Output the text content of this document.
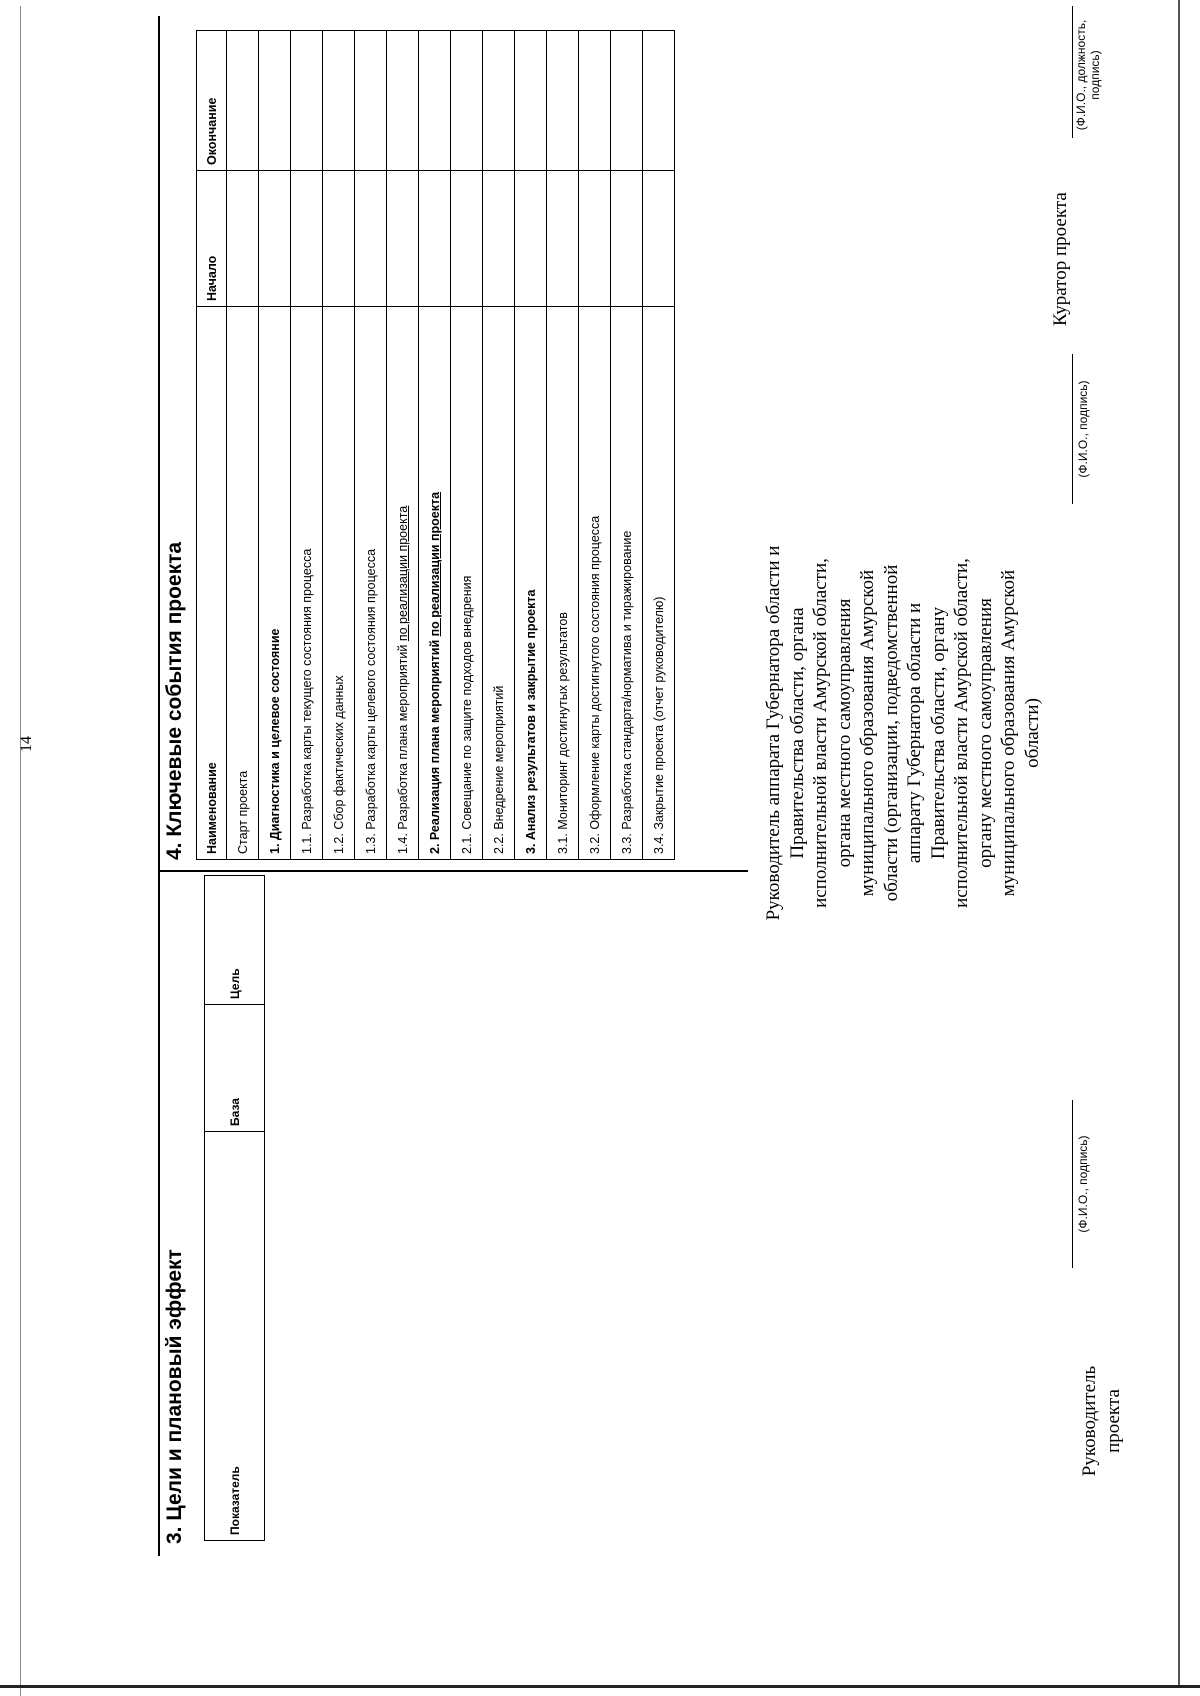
14
3. Цели и плановый эффект	Показатель	База	Цель
4. Ключевые события проекта Наименование	Начало	Окончание
Старт проекта		
1. Диагностика и целевое состояние		
1.1. Разработка карты текущего состояния процесса		
1.2. Сбор фактических данных		
1.3. Разработка карты целевого состояния процесса		
1.4. Разработка плана мероприятий по реализации проекта		
2. Реализация плана мероприятий по реализации проекта		
2.1. Совещание по защите подходов внедрения		
2.2. Внедрение мероприятий		
3. Анализ результатов и закрытие проекта		
3.1. Мониторинг достигнутых результатов		
3.2. Оформление карты достигнутого состояния процесса		
3.3. Разработка стандарта/норматива и тиражирование		
3.4. Закрытие проекта (отчет руководителю)		
Руководитель проекта
(Ф.И.О., подпись)
Руководитель аппарата Губернатора области и Правительства области, органа исполнительной власти Амурской области, органа местного самоуправления муниципального образования Амурской области (организации, подведомственной аппарату Губернатора области и Правительства области, органу исполнительной власти Амурской области, органу местного самоуправления муниципального образования Амурской области)
(Ф.И.О., подпись)
Куратор проекта
(Ф.И.О., должность, подпись)
